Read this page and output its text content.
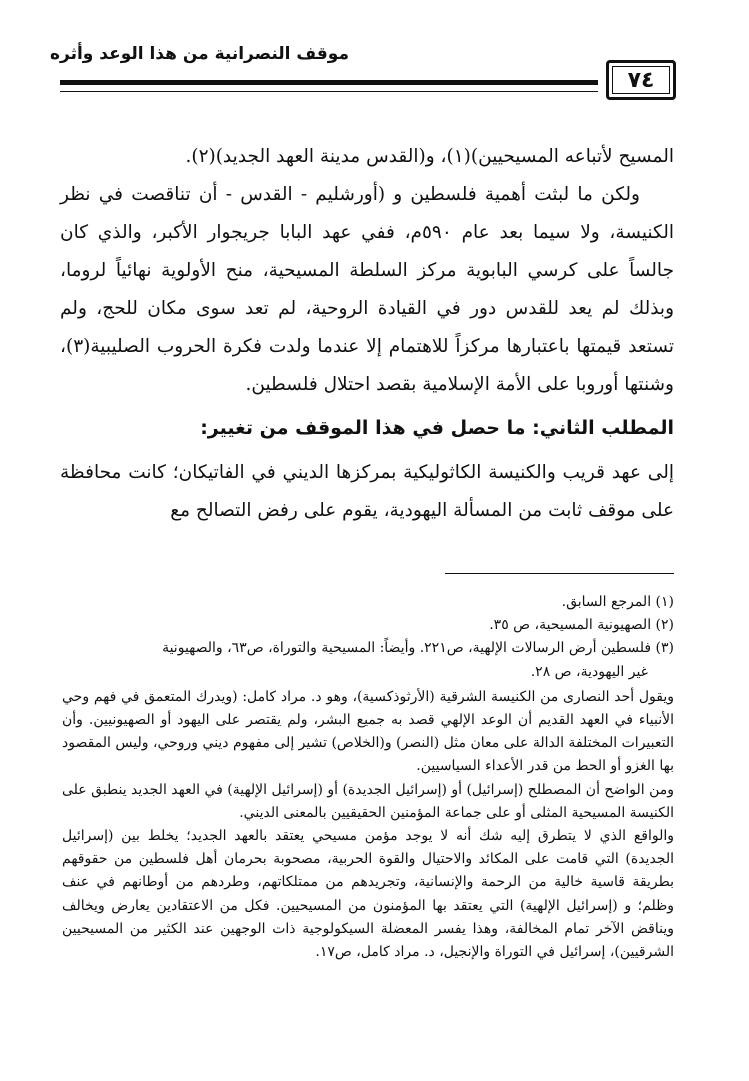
موقف النصرانية من هذا الوعد وأثره
٧٤

المسيح لأتباعه المسيحيين)(١)، و(القدس مدينة العهد الجديد)(٢).

ولكن ما لبثت أهمية فلسطين و (أورشليم - القدس - أن تناقصت في نظر الكنيسة، ولا سيما بعد عام ٥٩٠م، ففي عهد البابا جريجوار الأكبر، والذي كان جالساً على كرسي البابوية مركز السلطة المسيحية، منح الأولوية نهائياً لروما، وبذلك لم يعد للقدس دور في القيادة الروحية، لم تعد سوى مكان للحج، ولم تستعد قيمتها باعتبارها مركزاً للاهتمام إلا عندما ولدت فكرة الحروب الصليبية(٣)، وشنتها أوروبا على الأمة الإسلامية بقصد احتلال فلسطين.

المطلب الثاني: ما حصل في هذا الموقف من تغيير:

إلى عهد قريب والكنيسة الكاثوليكية بمركزها الديني في الفاتيكان؛ كانت محافظة على موقف ثابت من المسألة اليهودية، يقوم على رفض التصالح مع

(١) المرجع السابق.

(٢) الصهيونية المسيحية، ص ٣٥.

(٣) فلسطين أرض الرسالات الإلهية، ص٢٢١. وأيضاً: المسيحية والتوراة، ص٦٣، والصهيونية

غير اليهودية، ص ٢٨.

ويقول أحد النصارى من الكنيسة الشرقية (الأرثوذكسية)، وهو د. مراد كامل: (ويدرك المتعمق في فهم وحي الأنبياء في العهد القديم أن الوعد الإلهي قصد به جميع البشر، ولم يقتصر على اليهود أو الصهيونيين. وأن التعبيرات المختلفة الدالة على معان مثل (النصر) و(الخلاص) تشير إلى مفهوم ديني وروحي، وليس المقصود بها الغزو أو الحط من قدر الأعداء السياسيين.

ومن الواضح أن المصطلح (إسرائيل) أو (إسرائيل الجديدة) أو (إسرائيل الإلهية) في العهد الجديد ينطبق على الكنيسة المسيحية المثلى أو على جماعة المؤمنين الحقيقيين بالمعنى الديني.

والواقع الذي لا يتطرق إليه شك أنه لا يوجد مؤمن مسيحي يعتقد بالعهد الجديد؛ يخلط بين (إسرائيل الجديدة) التي قامت على المكائد والاحتيال والقوة الحربية، مصحوبة بحرمان أهل فلسطين من حقوقهم بطريقة قاسية خالية من الرحمة والإنسانية، وتجريدهم من ممتلكاتهم، وطردهم من أوطانهم في عنف وظلم؛ و (إسرائيل الإلهية) التي يعتقد بها المؤمنون من المسيحيين. فكل من الاعتقادين يعارض ويخالف ويناقض الآخر تمام المخالفة، وهذا يفسر المعضلة السيكولوجية ذات الوجهين عند الكثير من المسيحيين الشرقيين)، إسرائيل في التوراة والإنجيل، د. مراد كامل، ص١٧.
